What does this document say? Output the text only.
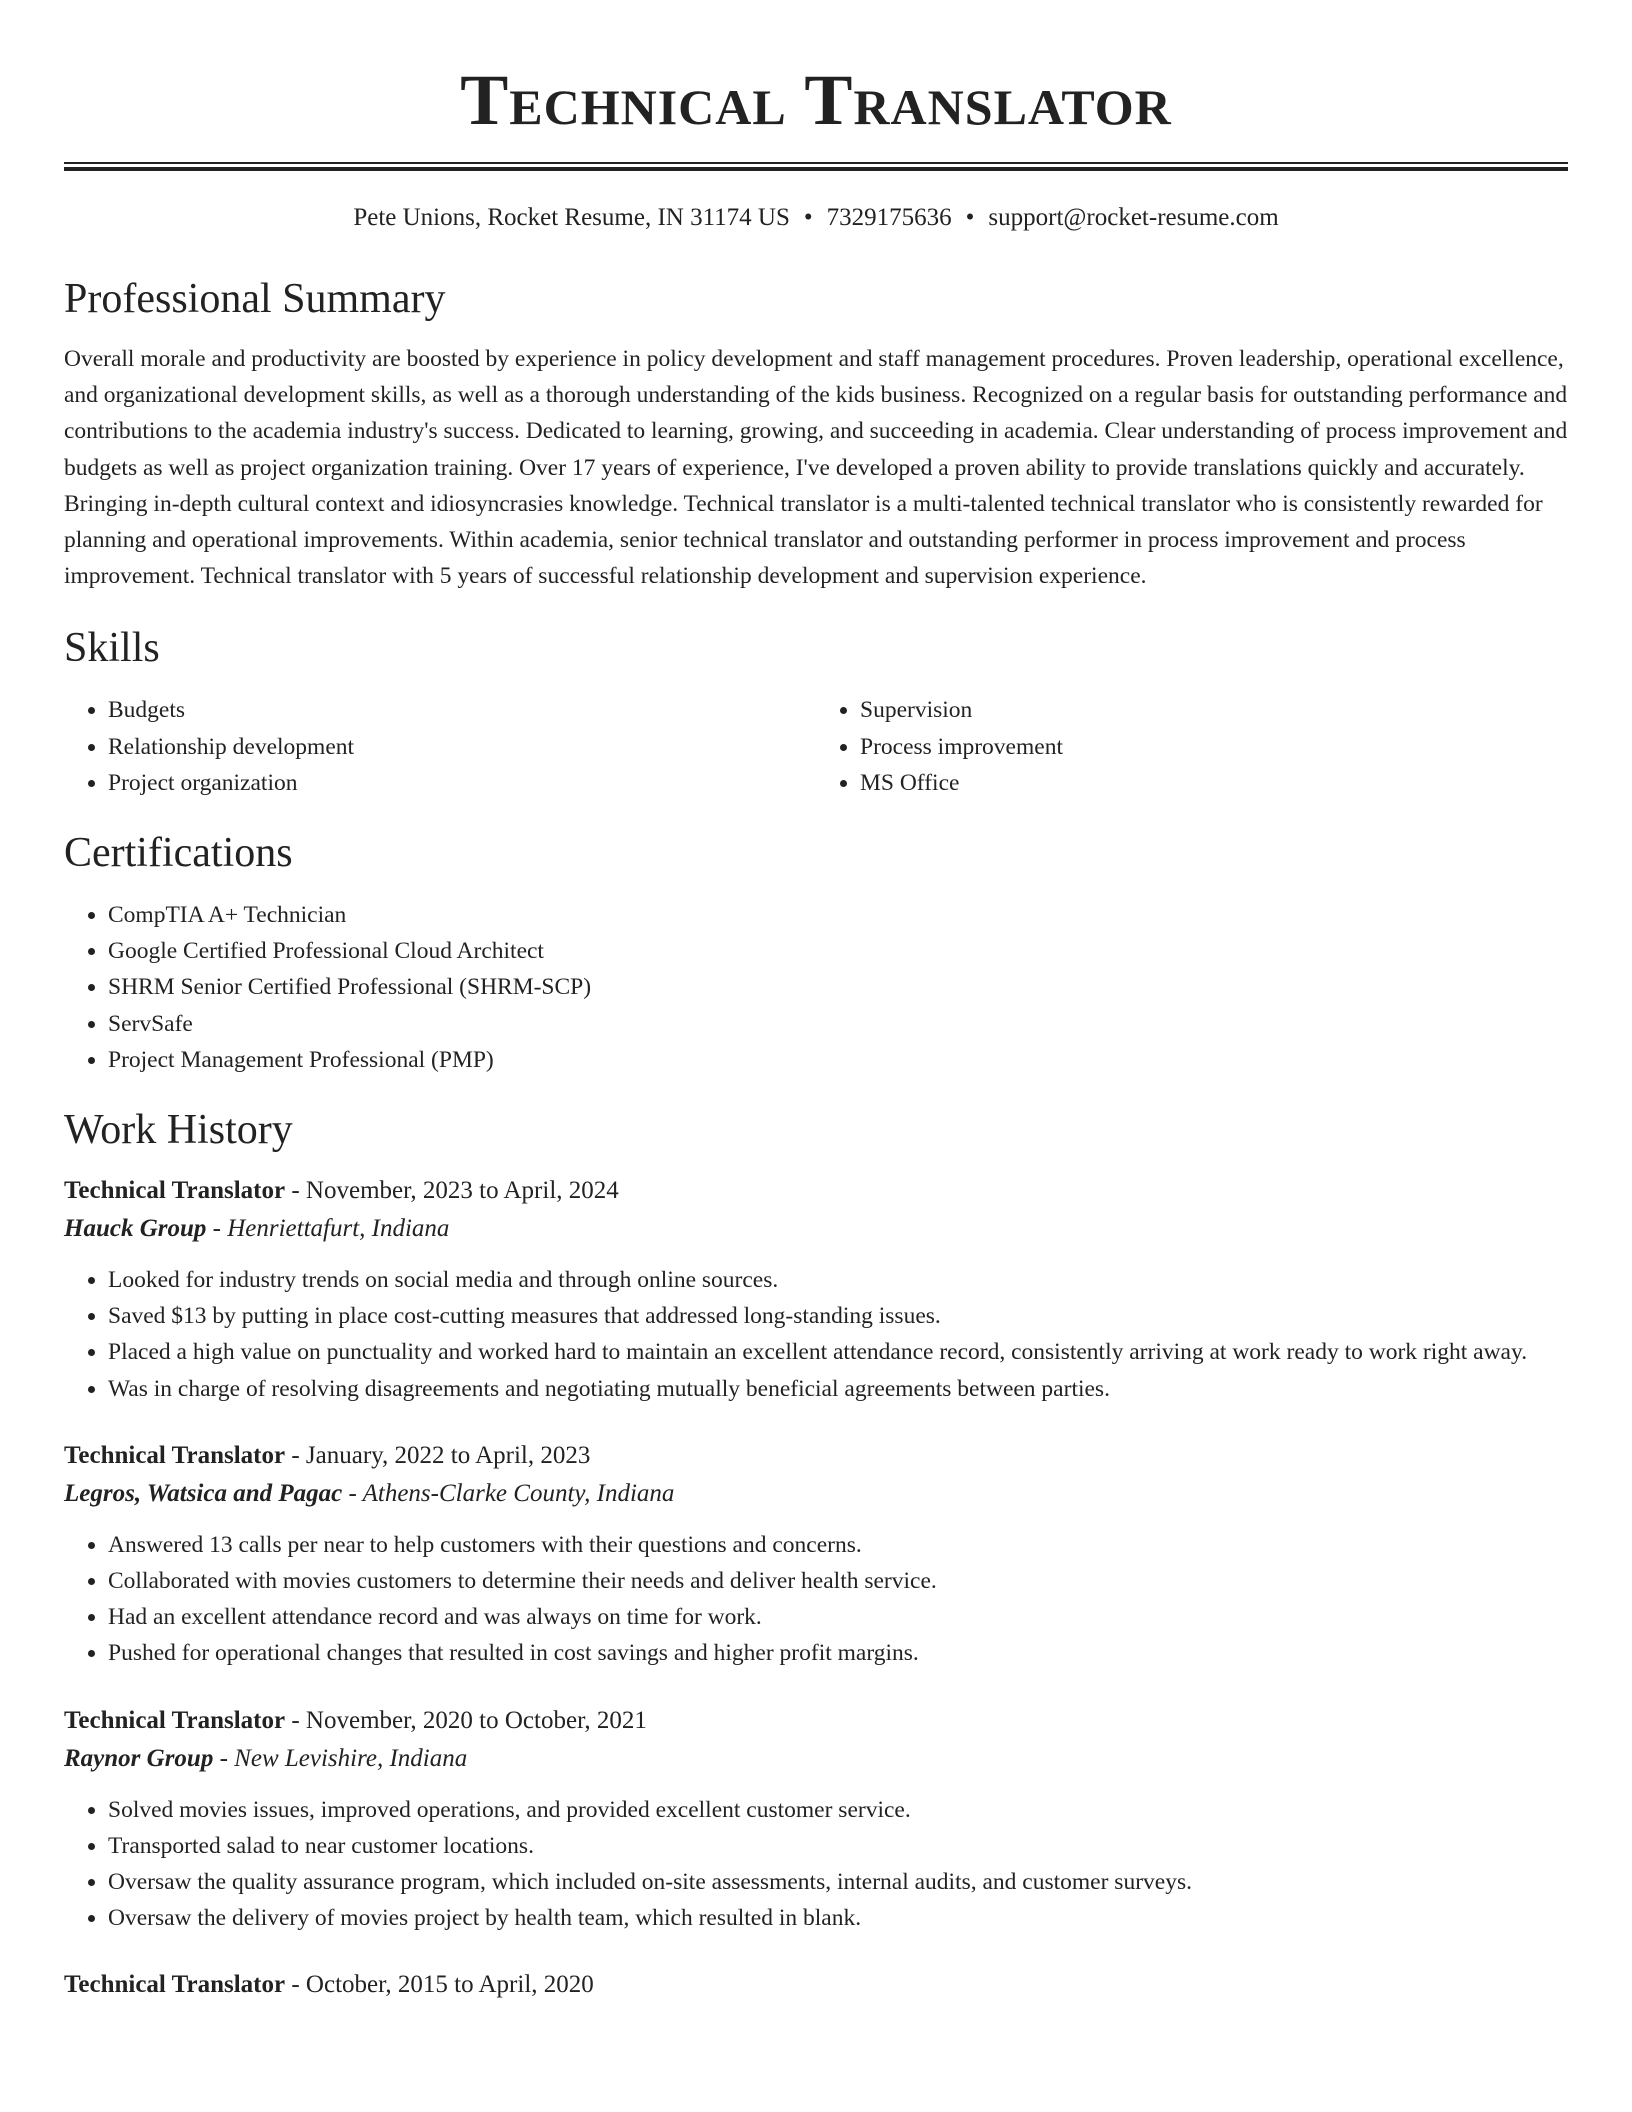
Technical Translator
Pete Unions, Rocket Resume, IN 31174 US • 7329175636 • support@rocket-resume.com
Professional Summary

Overall morale and productivity are boosted by experience in policy development and staff management procedures. Proven leadership, operational excellence, and organizational development skills, as well as a thorough understanding of the kids business. Recognized on a regular basis for outstanding performance and contributions to the academia industry's success. Dedicated to learning, growing, and succeeding in academia. Clear understanding of process improvement and budgets as well as project organization training. Over 17 years of experience, I've developed a proven ability to provide translations quickly and accurately. Bringing in-depth cultural context and idiosyncrasies knowledge. Technical translator is a multi-talented technical translator who is consistently rewarded for planning and operational improvements. Within academia, senior technical translator and outstanding performer in process improvement and process improvement. Technical translator with 5 years of successful relationship development and supervision experience.

Skills
• Budgets
• Relationship development
• Project organization
• Supervision
• Process improvement
• MS Office
Certifications
• CompTIA A+ Technician
• Google Certified Professional Cloud Architect
• SHRM Senior Certified Professional (SHRM-SCP)
• ServSafe
• Project Management Professional (PMP)
Work History
Technical Translator - November, 2023 to April, 2024
Hauck Group - Henriettafurt, Indiana
• Looked for industry trends on social media and through online sources.
• Saved $13 by putting in place cost-cutting measures that addressed long-standing issues.
• Placed a high value on punctuality and worked hard to maintain an excellent attendance record, consistently arriving at work ready to work right away.
• Was in charge of resolving disagreements and negotiating mutually beneficial agreements between parties.
Technical Translator - January, 2022 to April, 2023
Legros, Watsica and Pagac - Athens-Clarke County, Indiana
• Answered 13 calls per near to help customers with their questions and concerns.
• Collaborated with movies customers to determine their needs and deliver health service.
• Had an excellent attendance record and was always on time for work.
• Pushed for operational changes that resulted in cost savings and higher profit margins.
Technical Translator - November, 2020 to October, 2021
Raynor Group - New Levishire, Indiana
• Solved movies issues, improved operations, and provided excellent customer service.
• Transported salad to near customer locations.
• Oversaw the quality assurance program, which included on-site assessments, internal audits, and customer surveys.
• Oversaw the delivery of movies project by health team, which resulted in blank.
Technical Translator - October, 2015 to April, 2020
